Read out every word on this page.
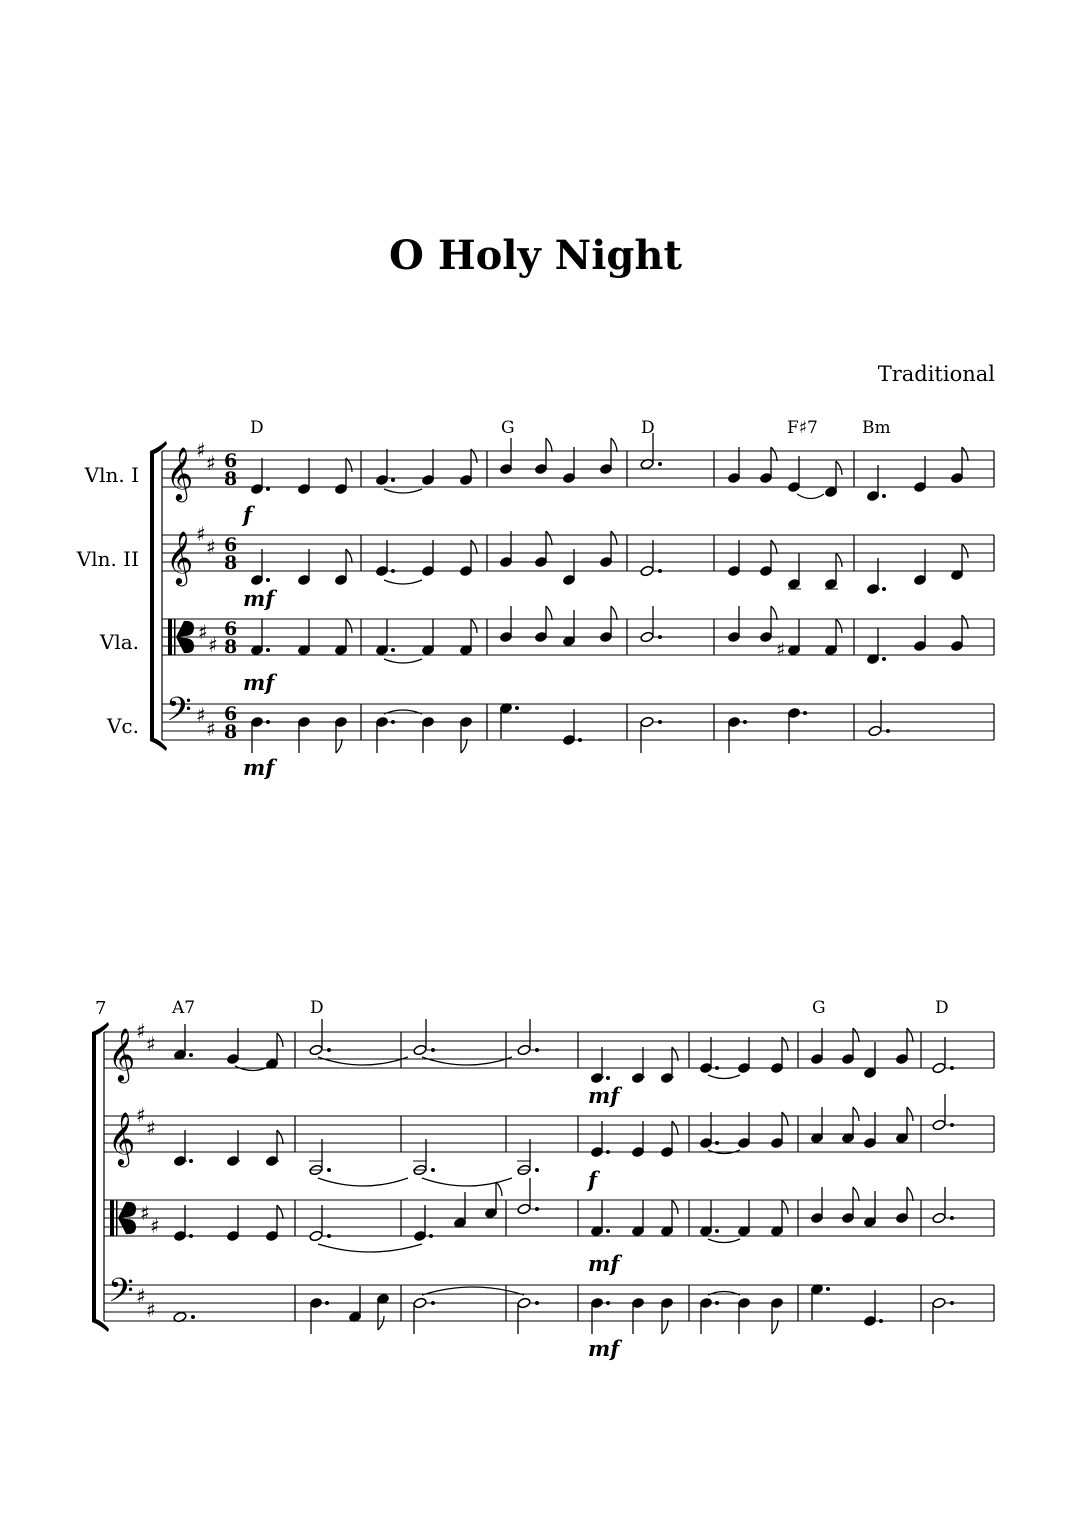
O Holy Night

Traditional

Vln. I
Vln. II
Vla.
Vc.
D	G	D	F♯7	Bm
𝄞
𝄞
𝄢
♯
♯
♯
♯
♯
♯
♯
♯
6
8
6
8
6
8
6
8
f
mf
mf
mf
♯
7	A7	D	G	D
𝄞
𝄞
𝄢
♯
♯
♯
♯
♯
♯
♯
♯
mf
f
mf
mf
